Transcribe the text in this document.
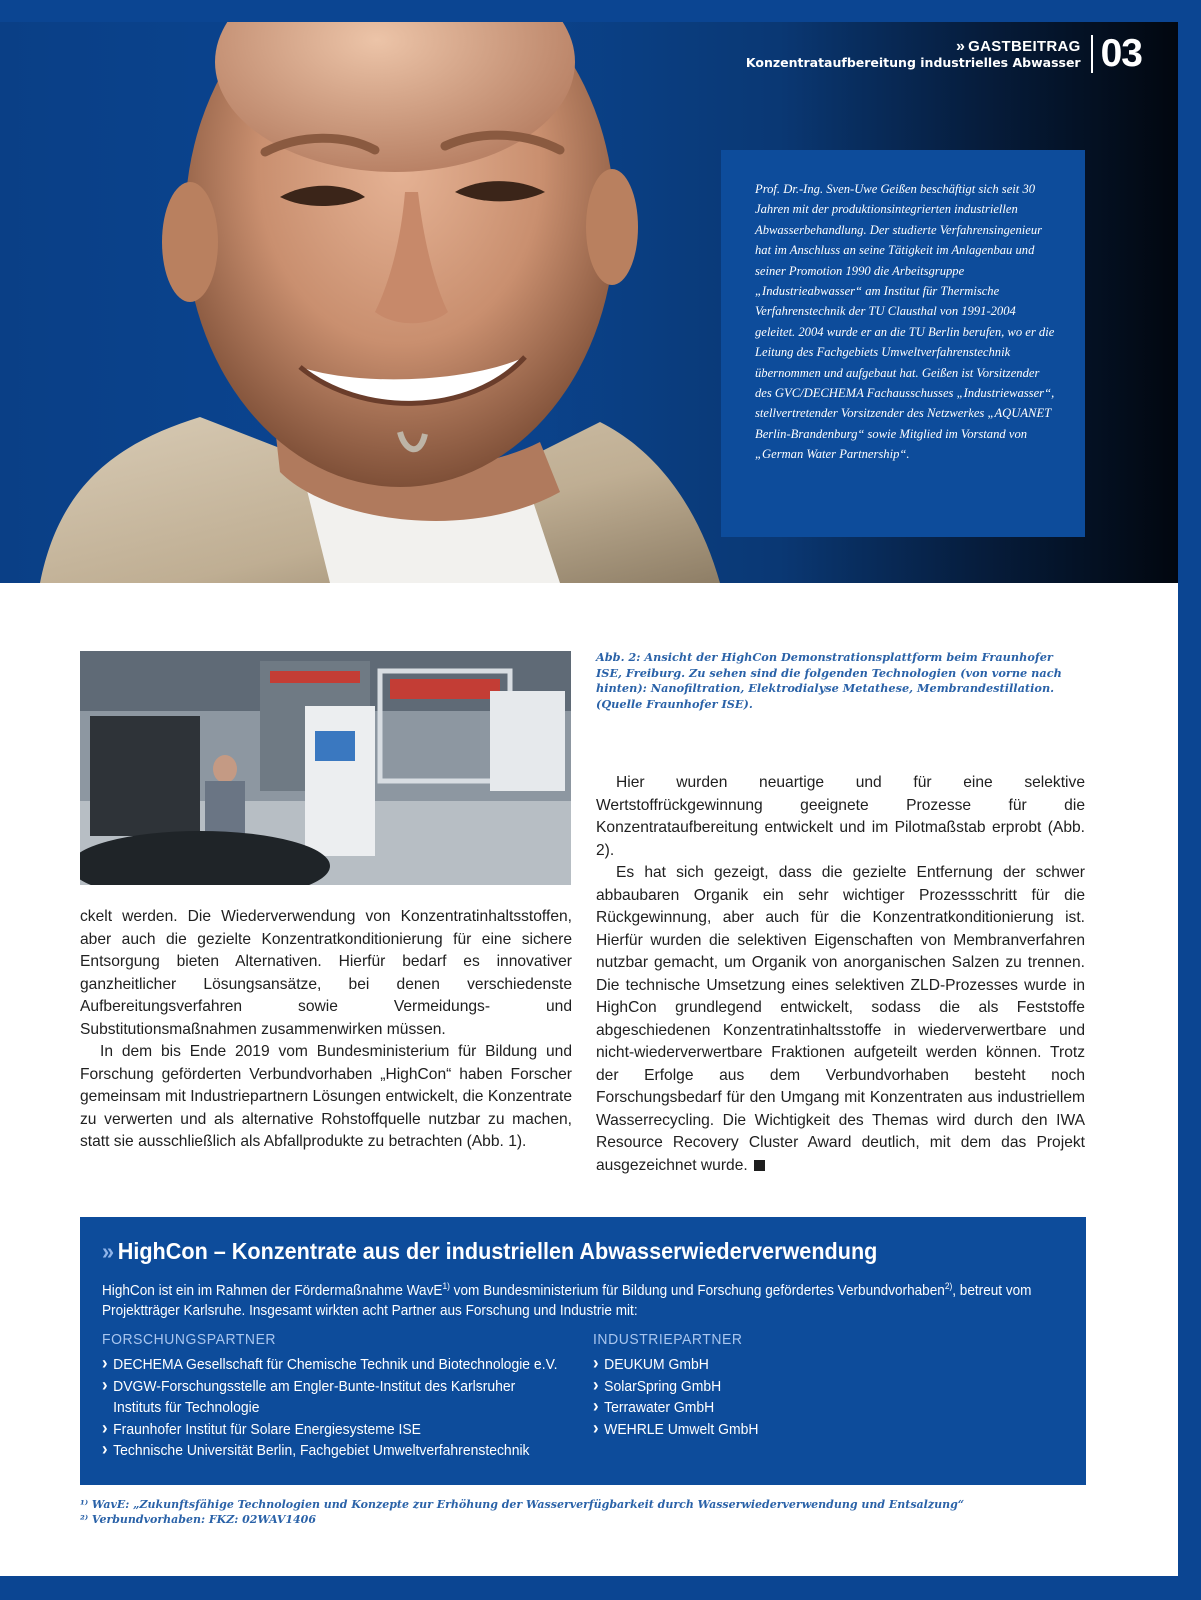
» GASTBEITRAG
Konzentrataufbereitung industrielles Abwasser 03

Prof. Dr.-Ing. Sven-Uwe Geißen beschäftigt sich seit 30 Jahren mit der produktionsintegrierten industriellen Abwasserbehandlung. Der studierte Verfahrensingenieur hat im Anschluss an seine Tätigkeit im Anlagenbau und seiner Promotion 1990 die Arbeitsgruppe „Industrieabwasser“ am Institut für Thermische Verfahrenstechnik der TU Clausthal von 1991-2004 geleitet. 2004 wurde er an die TU Berlin berufen, wo er die Leitung des Fachgebiets Umweltverfahrenstechnik übernommen und aufgebaut hat. Geißen ist Vorsitzender des GVC/DECHEMA Fachausschusses „Industriewasser“, stellvertretender Vorsitzender des Netzwerkes „AQUANET Berlin-Brandenburg“ sowie Mitglied im Vorstand von „German Water Partnership“.

Abb. 2: Ansicht der HighCon Demonstrationsplattform beim Fraunhofer ISE, Freiburg. Zu sehen sind die folgenden Technologien (von vorne nach hinten): Nanofiltration, Elektrodialyse Metathese, Membrandestillation. (Quelle Fraunhofer ISE).

ckelt werden. Die Wiederverwendung von Konzentratinhaltsstoffen, aber auch die gezielte Konzentratkonditionierung für eine sichere Entsorgung bieten Alternativen. Hierfür bedarf es innovativer ganzheitlicher Lösungsansätze, bei denen verschiedenste Aufbereitungsverfahren sowie Vermeidungs- und Substitutionsmaßnahmen zusammenwirken müssen.

In dem bis Ende 2019 vom Bundesministerium für Bildung und Forschung geförderten Verbundvorhaben „HighCon“ haben Forscher gemeinsam mit Industriepartnern Lösungen entwickelt, die Konzentrate zu verwerten und als alternative Rohstoffquelle nutzbar zu machen, statt sie ausschließlich als Abfallprodukte zu betrachten (Abb. 1).

Hier wurden neuartige und für eine selektive Wertstoffrückgewinnung geeignete Prozesse für die Konzentrataufbereitung entwickelt und im Pilotmaßstab erprobt (Abb. 2).

Es hat sich gezeigt, dass die gezielte Entfernung der schwer abbaubaren Organik ein sehr wichtiger Prozessschritt für die Rückgewinnung, aber auch für die Konzentratkonditionierung ist. Hierfür wurden die selektiven Eigenschaften von Membranverfahren nutzbar gemacht, um Organik von anorganischen Salzen zu trennen. Die technische Umsetzung eines selektiven ZLD-Prozesses wurde in HighCon grundlegend entwickelt, sodass die als Feststoffe abgeschiedenen Konzentratinhaltsstoffe in wiederverwertbare und nicht-wiederverwertbare Fraktionen aufgeteilt werden können. Trotz der Erfolge aus dem Verbundvorhaben besteht noch Forschungsbedarf für den Umgang mit Konzentraten aus industriellem Wasserrecycling. Die Wichtigkeit des Themas wird durch den IWA Resource Recovery Cluster Award deutlich, mit dem das Projekt ausgezeichnet wurde.

» HighCon – Konzentrate aus der industriellen Abwasserwiederverwendung
HighCon ist ein im Rahmen der Fördermaßnahme WavE$^{1)}$ vom Bundesministerium für Bildung und Forschung gefördertes Verbundvorhaben$^{2)}$, betreut vom Projektträger Karlsruhe. Insgesamt wirkten acht Partner aus Forschung und Industrie mit:
FORSCHUNGSPARTNER
› DECHEMA Gesellschaft für Chemische Technik und Biotechnologie e.V.
› DVGW-Forschungsstelle am Engler-Bunte-Institut des Karlsruher Instituts für Technologie
› Fraunhofer Institut für Solare Energiesysteme ISE
› Technische Universität Berlin, Fachgebiet Umweltverfahrenstechnik
INDUSTRIEPARTNER
› DEUKUM GmbH
› SolarSpring GmbH
› Terrawater GmbH
› WEHRLE Umwelt GmbH
¹⁾ WavE: „Zukunftsfähige Technologien und Konzepte zur Erhöhung der Wasserverfügbarkeit durch Wasserwiederverwendung und Entsalzung“
²⁾ Verbundvorhaben: FKZ: 02WAV1406
